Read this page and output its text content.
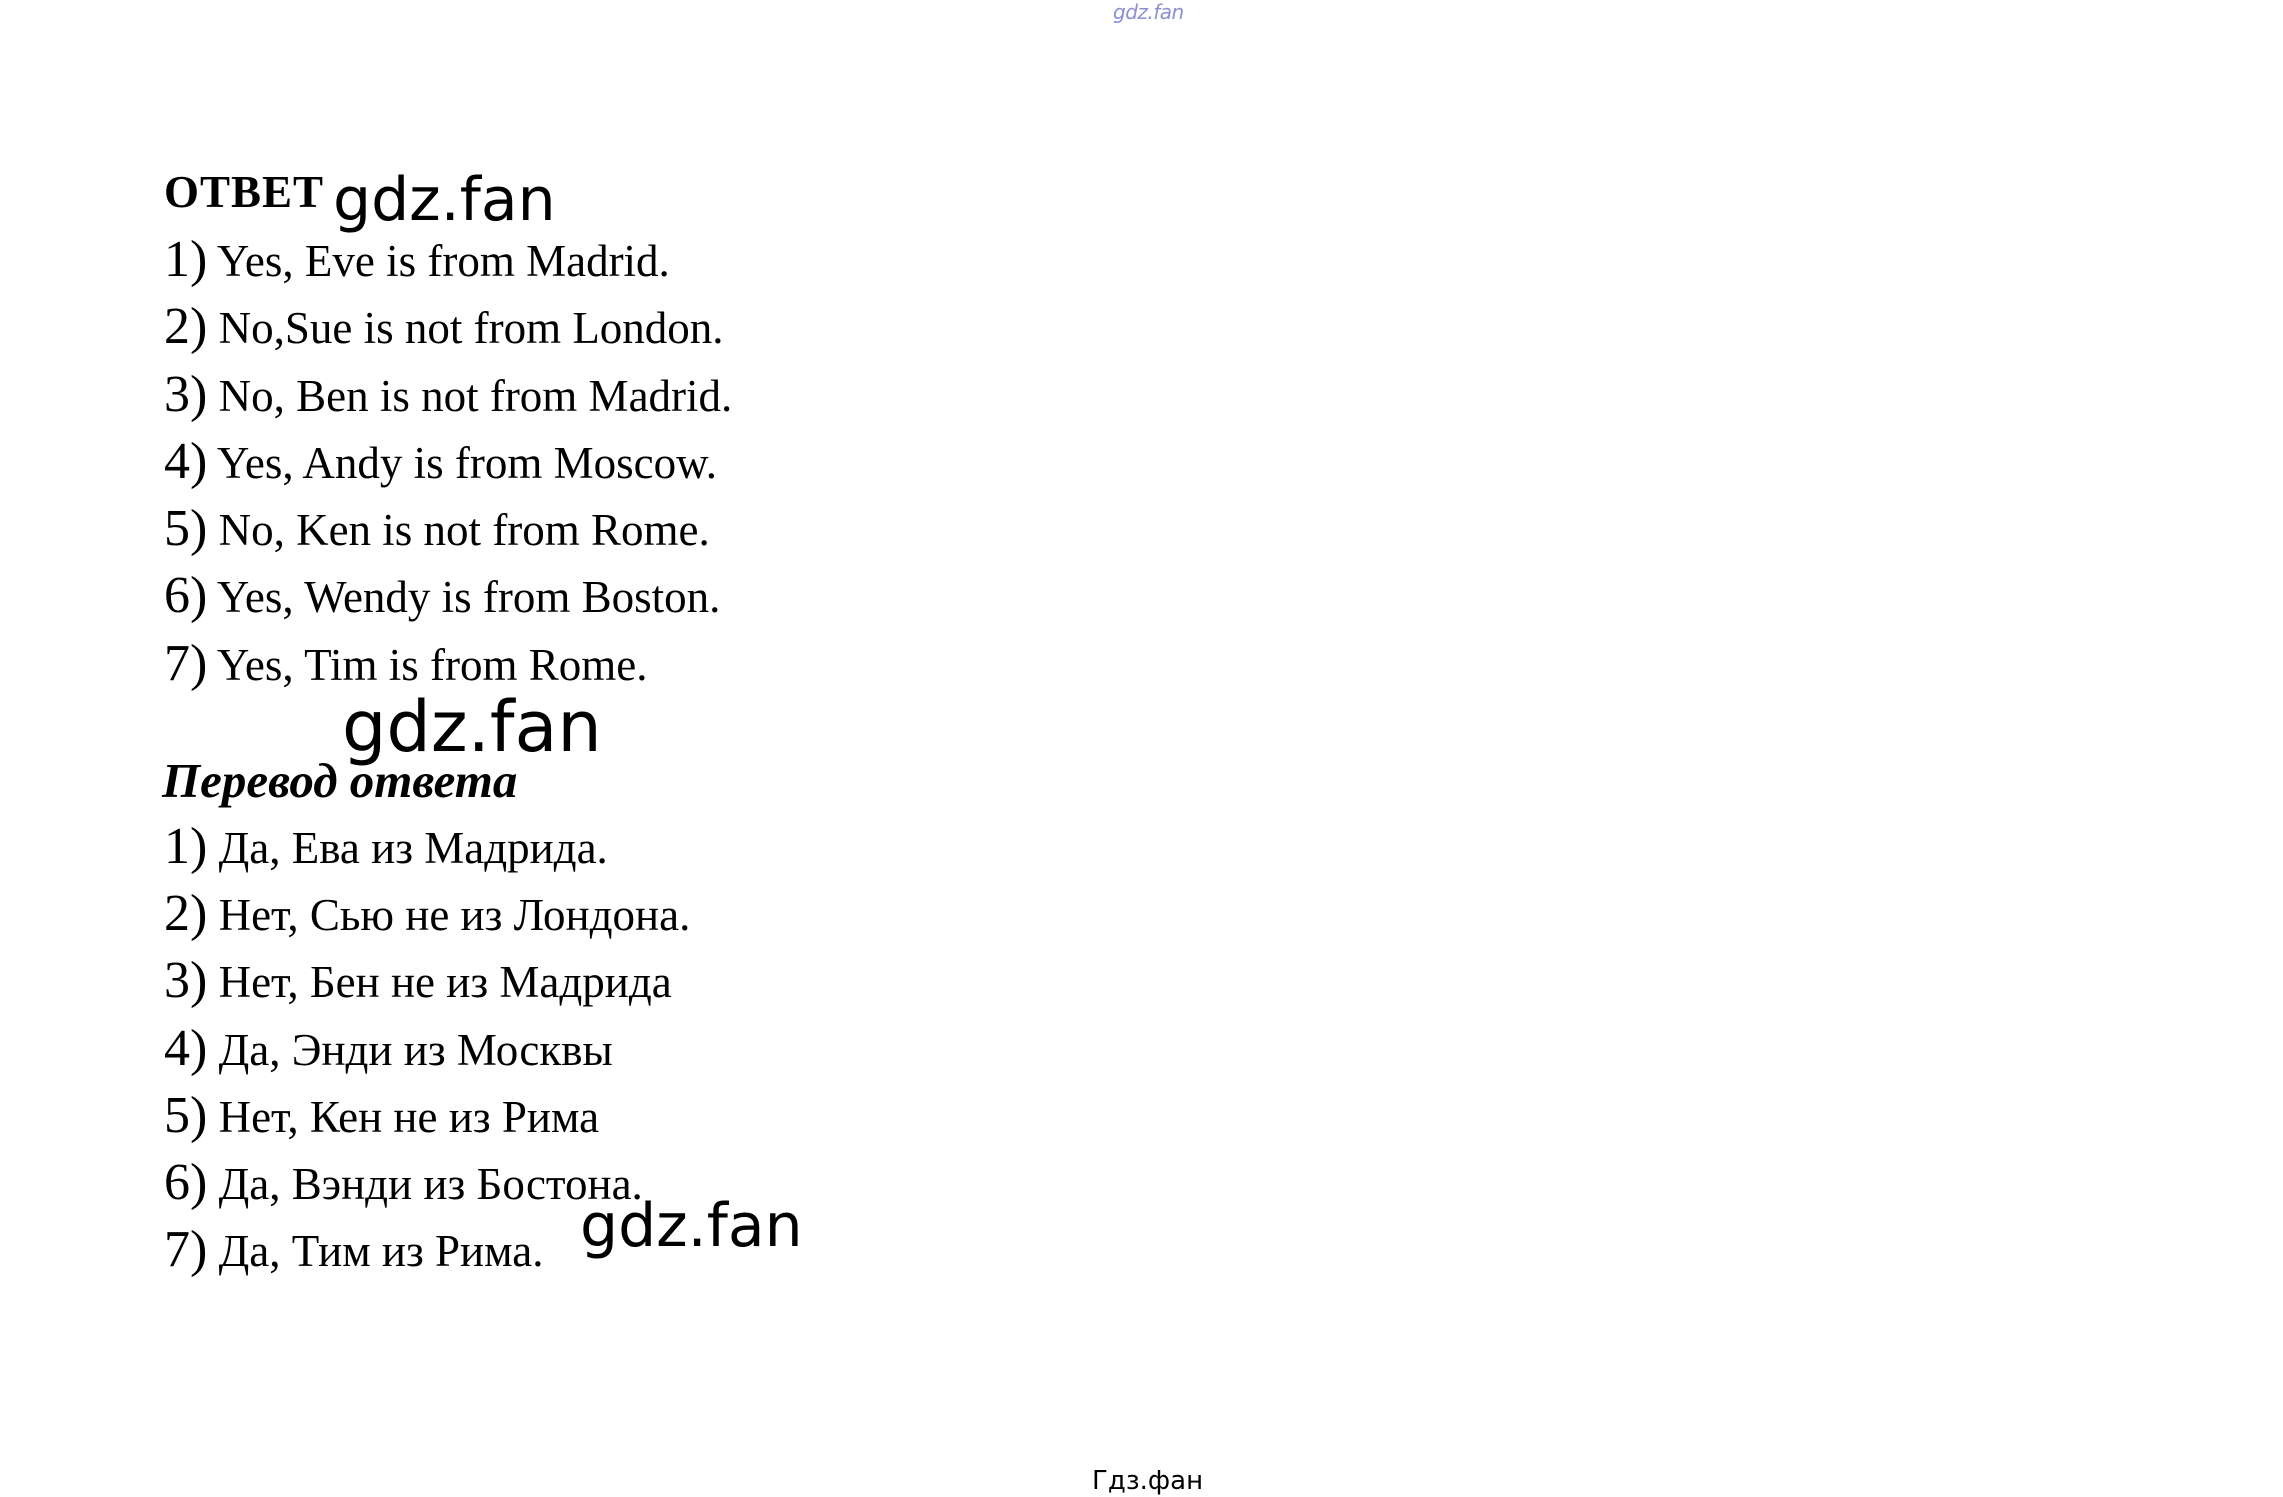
gdz.fan
ОТВЕТ
1) Yes, Eve is from Madrid.
2) No,Sue is not from London.
3) No, Ben is not from Madrid.
4) Yes, Andy is from Moscow.
5) No, Ken is not from Rome.
6) Yes, Wendy is from Boston.
7) Yes, Tim is from Rome.
Перевод ответа
1) Да, Ева из Мадрида.
2) Нет, Сью не из Лондона.
3) Нет, Бен не из Мадрида
4) Да, Энди из Москвы
5) Нет, Кен не из Рима
6) Да, Вэнди из Бостона.
7) Да, Тим из Рима.
gdz.fan
gdz.fan
gdz.fan
Гдз.фан
